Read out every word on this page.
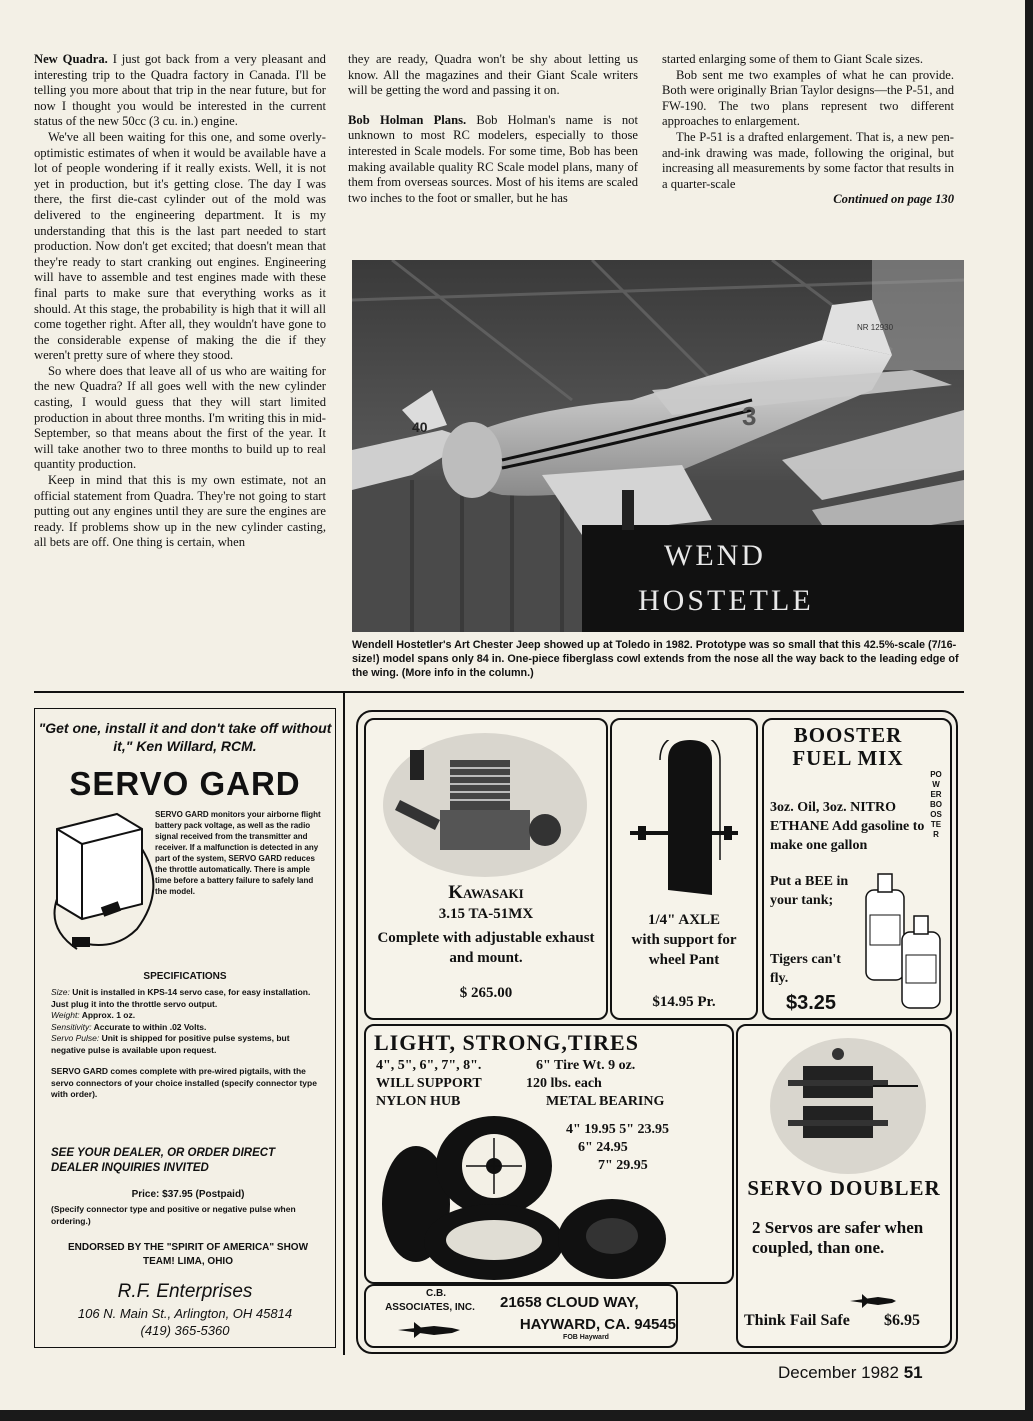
New Quadra. I just got back from a very pleasant and interesting trip to the Quadra factory in Canada. I'll be telling you more about that trip in the near future, but for now I thought you would be interested in the current status of the new 50cc (3 cu. in.) engine.

We've all been waiting for this one, and some overly-optimistic estimates of when it would be available have a lot of people wondering if it really exists. Well, it is not yet in production, but it's getting close. The day I was there, the first die-cast cylinder out of the mold was delivered to the engineering department. It is my understanding that this is the last part needed to start production. Now don't get excited; that doesn't mean that they're ready to start cranking out engines. Engineering will have to assemble and test engines made with these final parts to make sure that everything works as it should. At this stage, the probability is high that it will all come together right. After all, they wouldn't have gone to the considerable expense of making the die if they weren't pretty sure of where they stood.

So where does that leave all of us who are waiting for the new Quadra? If all goes well with the new cylinder casting, I would guess that they will start limited production in about three months. I'm writing this in mid-September, so that means about the first of the year. It will take another two to three months to build up to real quantity production.

Keep in mind that this is my own estimate, not an official statement from Quadra. They're not going to start putting out any engines until they are sure the engines are ready. If problems show up in the new cylinder casting, all bets are off. One thing is certain, when

they are ready, Quadra won't be shy about letting us know. All the magazines and their Giant Scale writers will be getting the word and passing it on.

Bob Holman Plans. Bob Holman's name is not unknown to most RC modelers, especially to those interested in Scale models. For some time, Bob has been making available quality RC Scale model plans, many of them from overseas sources. Most of his items are scaled two inches to the foot or smaller, but he has

started enlarging some of them to Giant Scale sizes.

Bob sent me two examples of what he can provide. Both were originally Brian Taylor designs—the P-51, and FW-190. The two plans represent two different approaches to enlargement.

The P-51 is a drafted enlargement. That is, a new pen-and-ink drawing was made, following the original, but increasing all measurements by some factor that results in a quarter-scale

Continued on page 130
40
NR 12930
3
WEND
HOSTETLE
Wendell Hostetler's Art Chester Jeep showed up at Toledo in 1982. Prototype was so small that this 42.5%-scale (7/16-size!) model spans only 84 in. One-piece fiberglass cowl extends from the nose all the way back to the leading edge of the wing. (More info in the column.)
"Get one, install it and don't take off without it," Ken Willard, RCM.
SERVO GARD
SERVO GARD monitors your airborne flight battery pack voltage, as well as the radio signal received from the transmitter and receiver. If a malfunction is detected in any part of the system, SERVO GARD reduces the throttle automatically. There is ample time before a battery failure to safely land the model.
SPECIFICATIONS

Size: Unit is installed in KPS-14 servo case, for easy installation. Just plug it into the throttle servo output.

Weight: Approx. 1 oz.

Sensitivity: Accurate to within .02 Volts.

Servo Pulse: Unit is shipped for positive pulse systems, but negative pulse is available upon request.

SERVO GARD comes complete with pre-wired pigtails, with the servo connectors of your choice installed (specify connector type with order).

SEE YOUR DEALER, OR ORDER DIRECT DEALER INQUIRIES INVITED
Price: $37.95 (Postpaid)
(Specify connector type and positive or negative pulse when ordering.)
ENDORSED BY THE "SPIRIT OF AMERICA" SHOW TEAM! LIMA, OHIO
R.F. Enterprises
106 N. Main St., Arlington, OH 45814
(419) 365-5360
Kawasaki
3.15 TA-51MX
Complete with adjustable exhaust and mount.
$ 265.00
1/4" AXLE
with support for wheel Pant
$14.95 Pr.
BOOSTER FUEL MIX
3oz. Oil, 3oz. NITRO ETHANE Add gasoline to make one gallon
Put a BEE in your tank;
Tigers can't fly.
$3.25
POWER BOOSTER
LIGHT, STRONG,TIRES
4", 5", 6", 7", 8".	6" Tire Wt. 9 oz.
WILL SUPPORT	120 lbs. each
NYLON HUB	METAL BEARING
4" 19.95 5" 23.95
6" 24.95
7" 29.95
C.B.
ASSOCIATES, INC.	21658 CLOUD WAY,
HAYWARD, CA. 94545
FOB Hayward
SERVO DOUBLER
2 Servos are safer when coupled, than one.
Think Fail Safe	$6.95
December 1982 51
